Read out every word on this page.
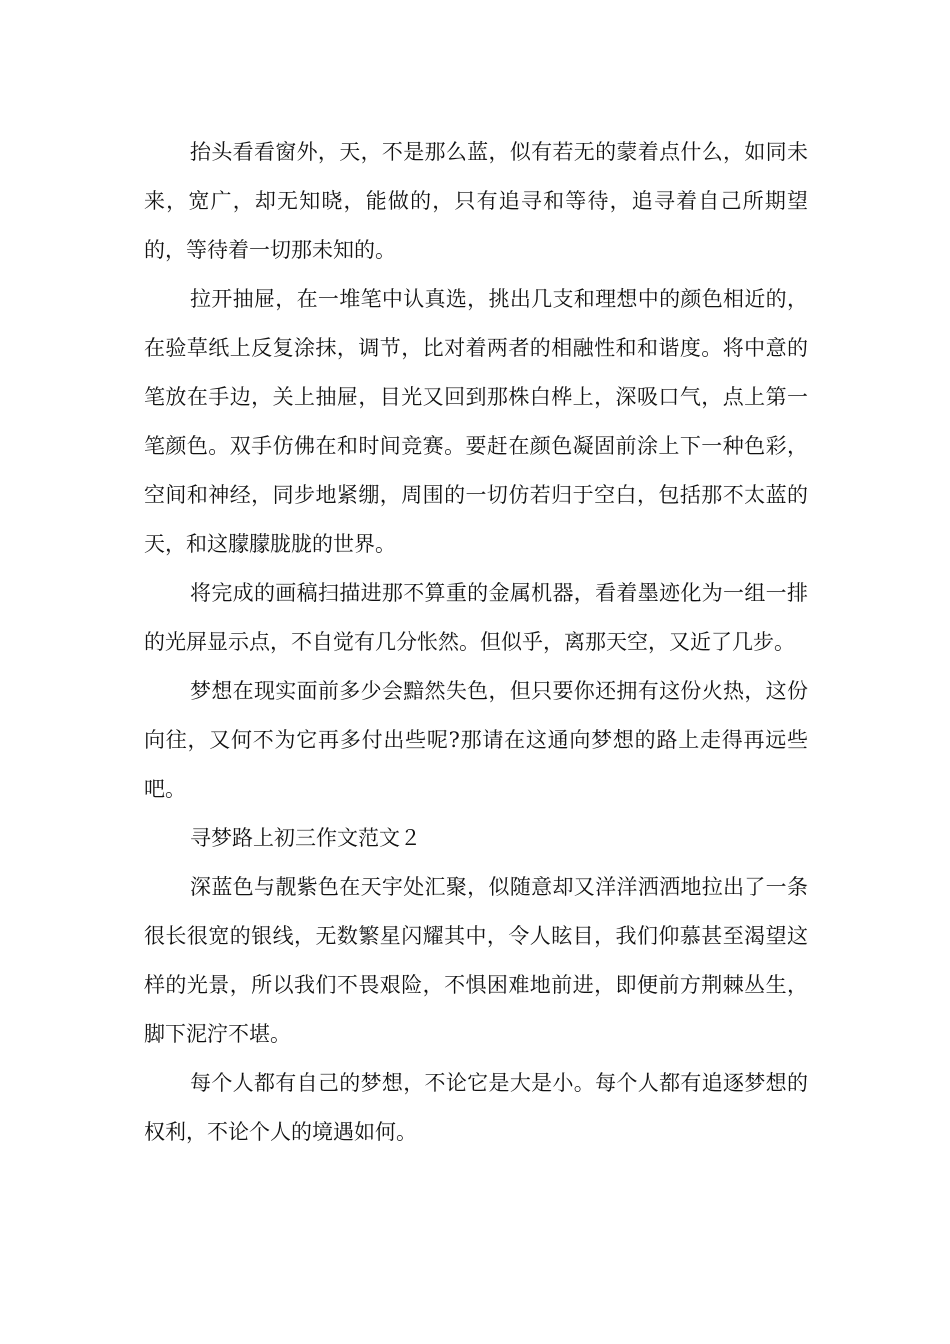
抬头看看窗外，天，不是那么蓝，似有若无的蒙着点什么，如同未来，宽广，却无知晓，能做的，只有追寻和等待，追寻着自己所期望的，等待着一切那未知的。

拉开抽屉，在一堆笔中认真选，挑出几支和理想中的颜色相近的，在验草纸上反复涂抹，调节，比对着两者的相融性和和谐度。将中意的笔放在手边，关上抽屉，目光又回到那株白桦上，深吸口气，点上第一笔颜色。双手仿佛在和时间竞赛。要赶在颜色凝固前涂上下一种色彩，空间和神经，同步地紧绷，周围的一切仿若归于空白，包括那不太蓝的天，和这朦朦胧胧的世界。

将完成的画稿扫描进那不算重的金属机器，看着墨迹化为一组一排的光屏显示点，不自觉有几分怅然。但似乎，离那天空，又近了几步。

梦想在现实面前多少会黯然失色，但只要你还拥有这份火热，这份向往，又何不为它再多付出些呢?那请在这通向梦想的路上走得再远些吧。

寻梦路上初三作文范文２

深蓝色与靓紫色在天宇处汇聚，似随意却又洋洋洒洒地拉出了一条很长很宽的银线，无数繁星闪耀其中，令人眩目，我们仰慕甚至渴望这样的光景，所以我们不畏艰险，不惧困难地前进，即便前方荆棘丛生，脚下泥泞不堪。

每个人都有自己的梦想，不论它是大是小。每个人都有追逐梦想的权利，不论个人的境遇如何。
